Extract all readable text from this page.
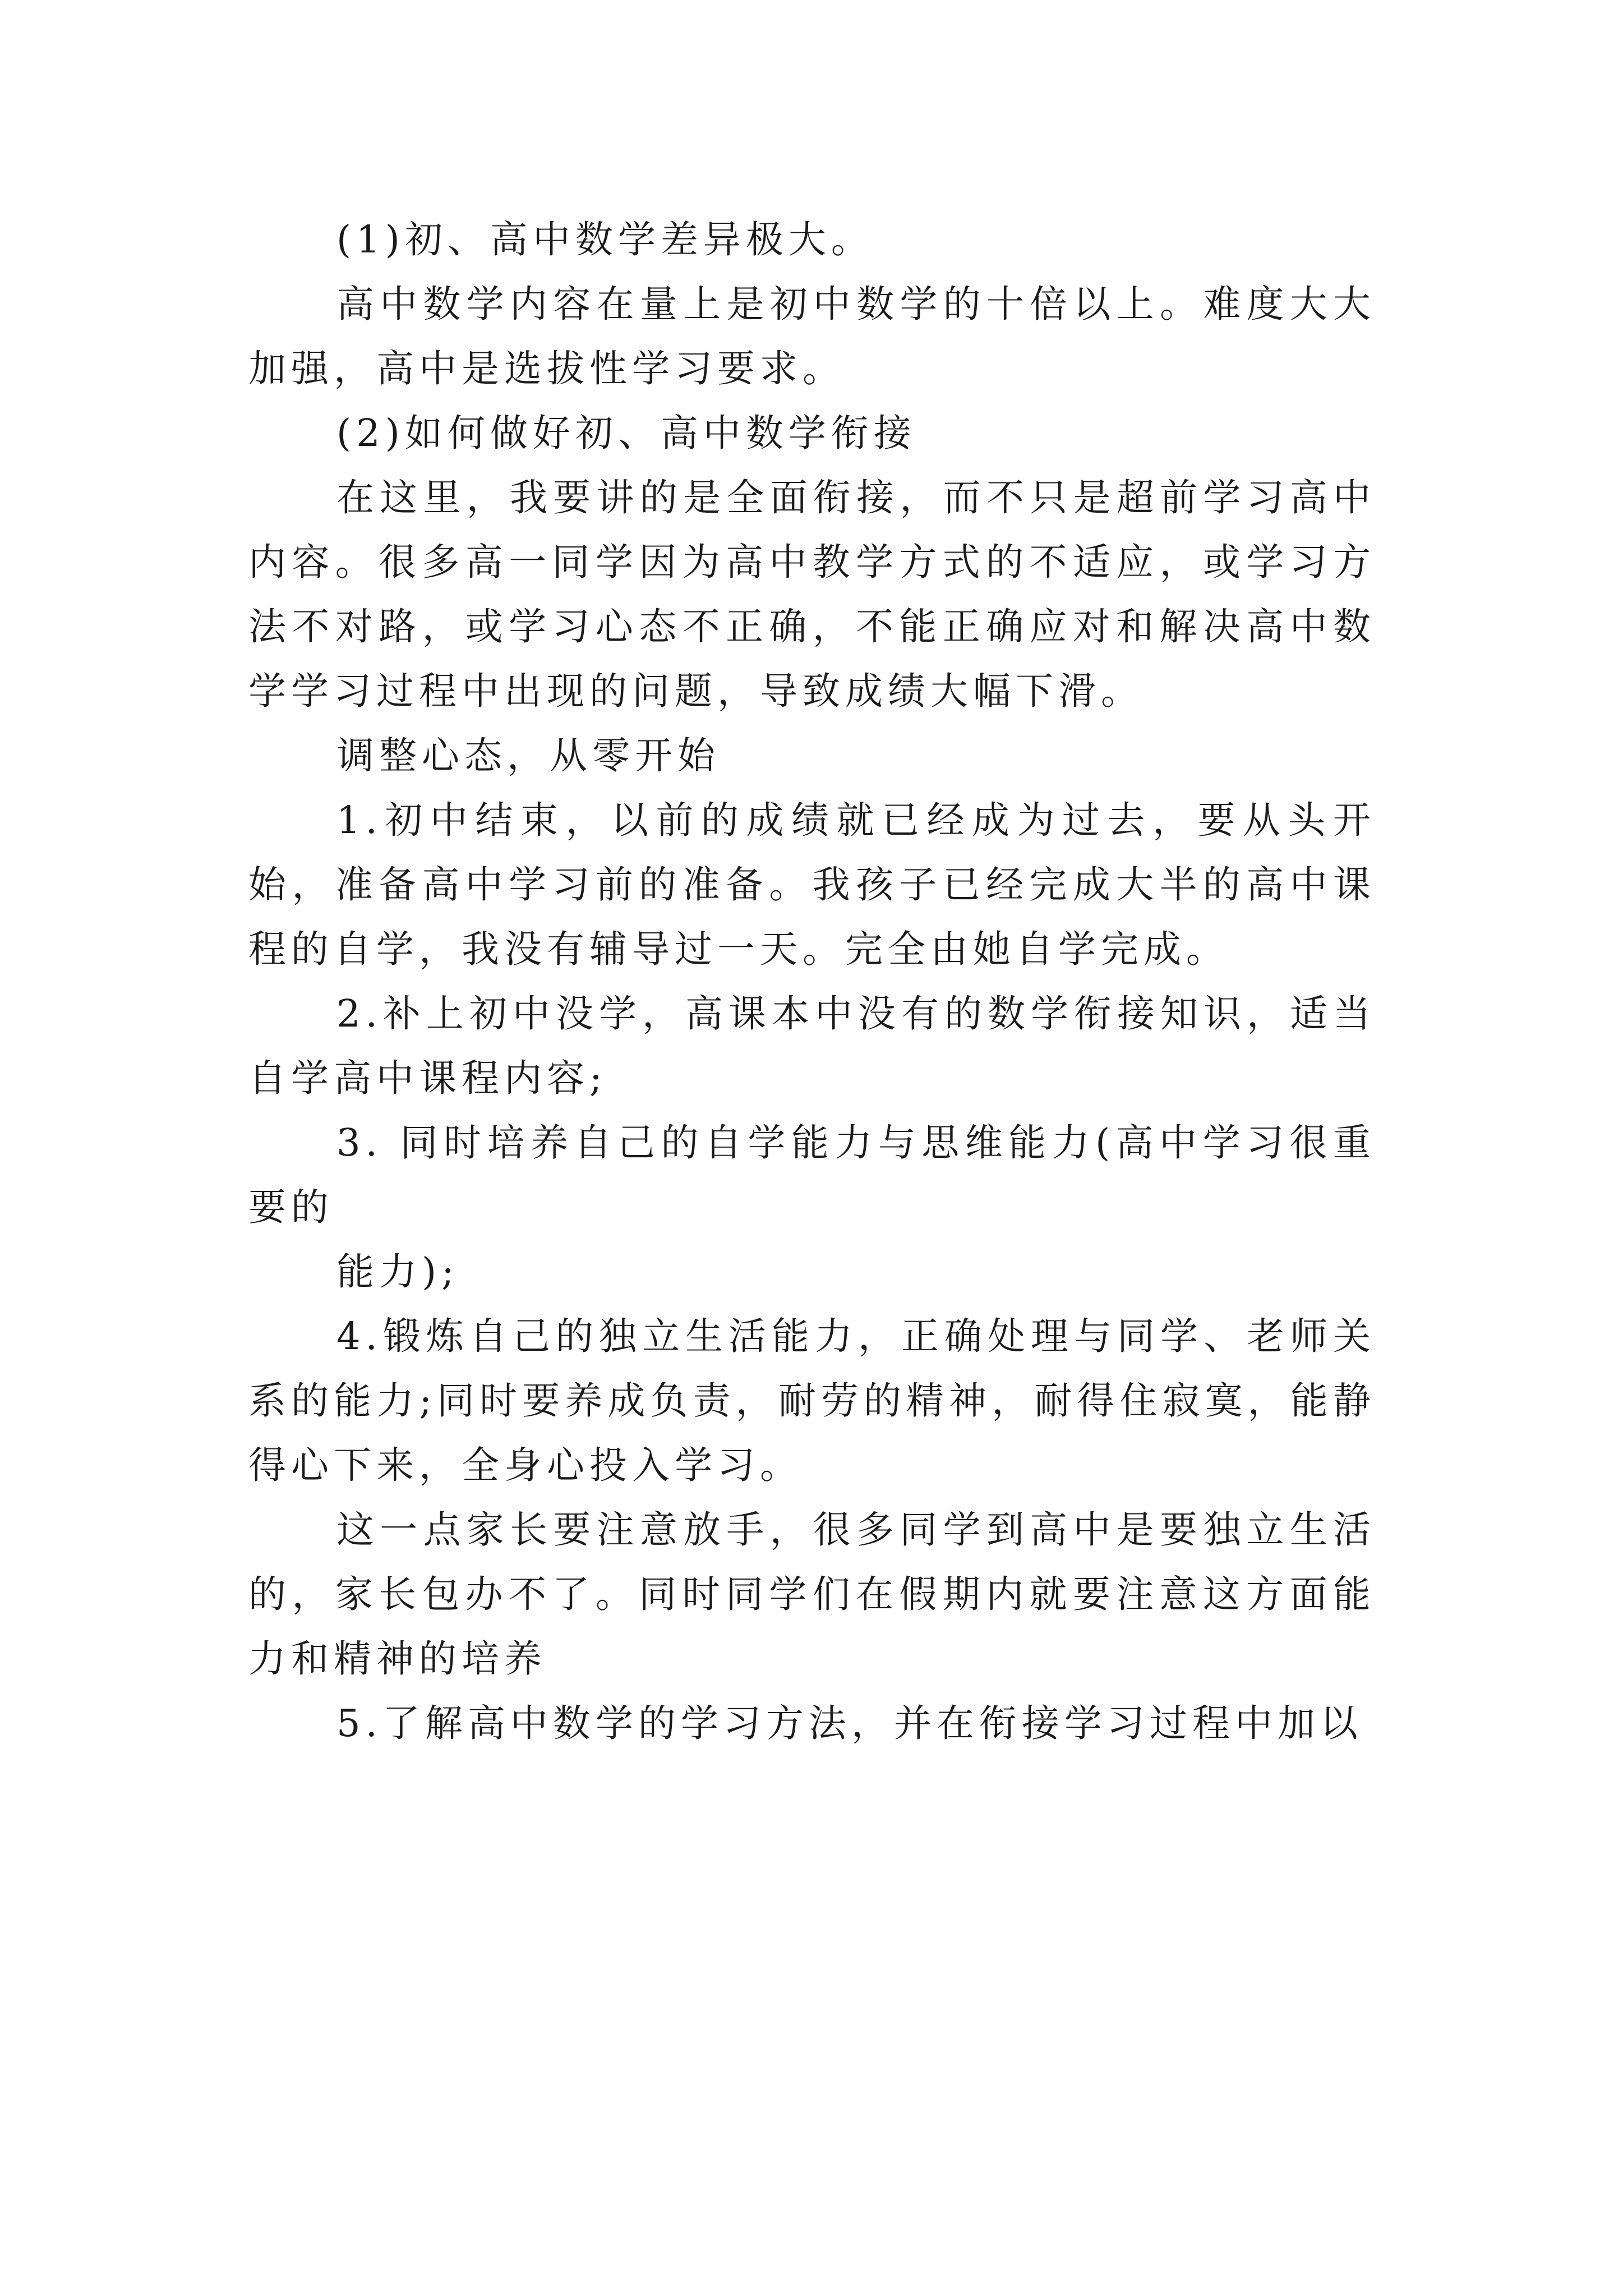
(1)初、高中数学差异极大。

高中数学内容在量上是初中数学的十倍以上。难度大大加强，高中是选拔性学习要求。

(2)如何做好初、高中数学衔接

在这里，我要讲的是全面衔接，而不只是超前学习高中内容。很多高一同学因为高中教学方式的不适应，或学习方法不对路，或学习心态不正确，不能正确应对和解决高中数学学习过程中出现的问题，导致成绩大幅下滑。

调整心态，从零开始

1.初中结束，以前的成绩就已经成为过去，要从头开始，准备高中学习前的准备。我孩子已经完成大半的高中课程的自学，我没有辅导过一天。完全由她自学完成。

2.补上初中没学，高课本中没有的数学衔接知识，适当自学高中课程内容;

3. 同时培养自己的自学能力与思维能力(高中学习很重要的

能力);

4.锻炼自己的独立生活能力，正确处理与同学、老师关系的能力;同时要养成负责，耐劳的精神，耐得住寂寞，能静得心下来，全身心投入学习。

这一点家长要注意放手，很多同学到高中是要独立生活的，家长包办不了。同时同学们在假期内就要注意这方面能力和精神的培养

5.了解高中数学的学习方法，并在衔接学习过程中加以
